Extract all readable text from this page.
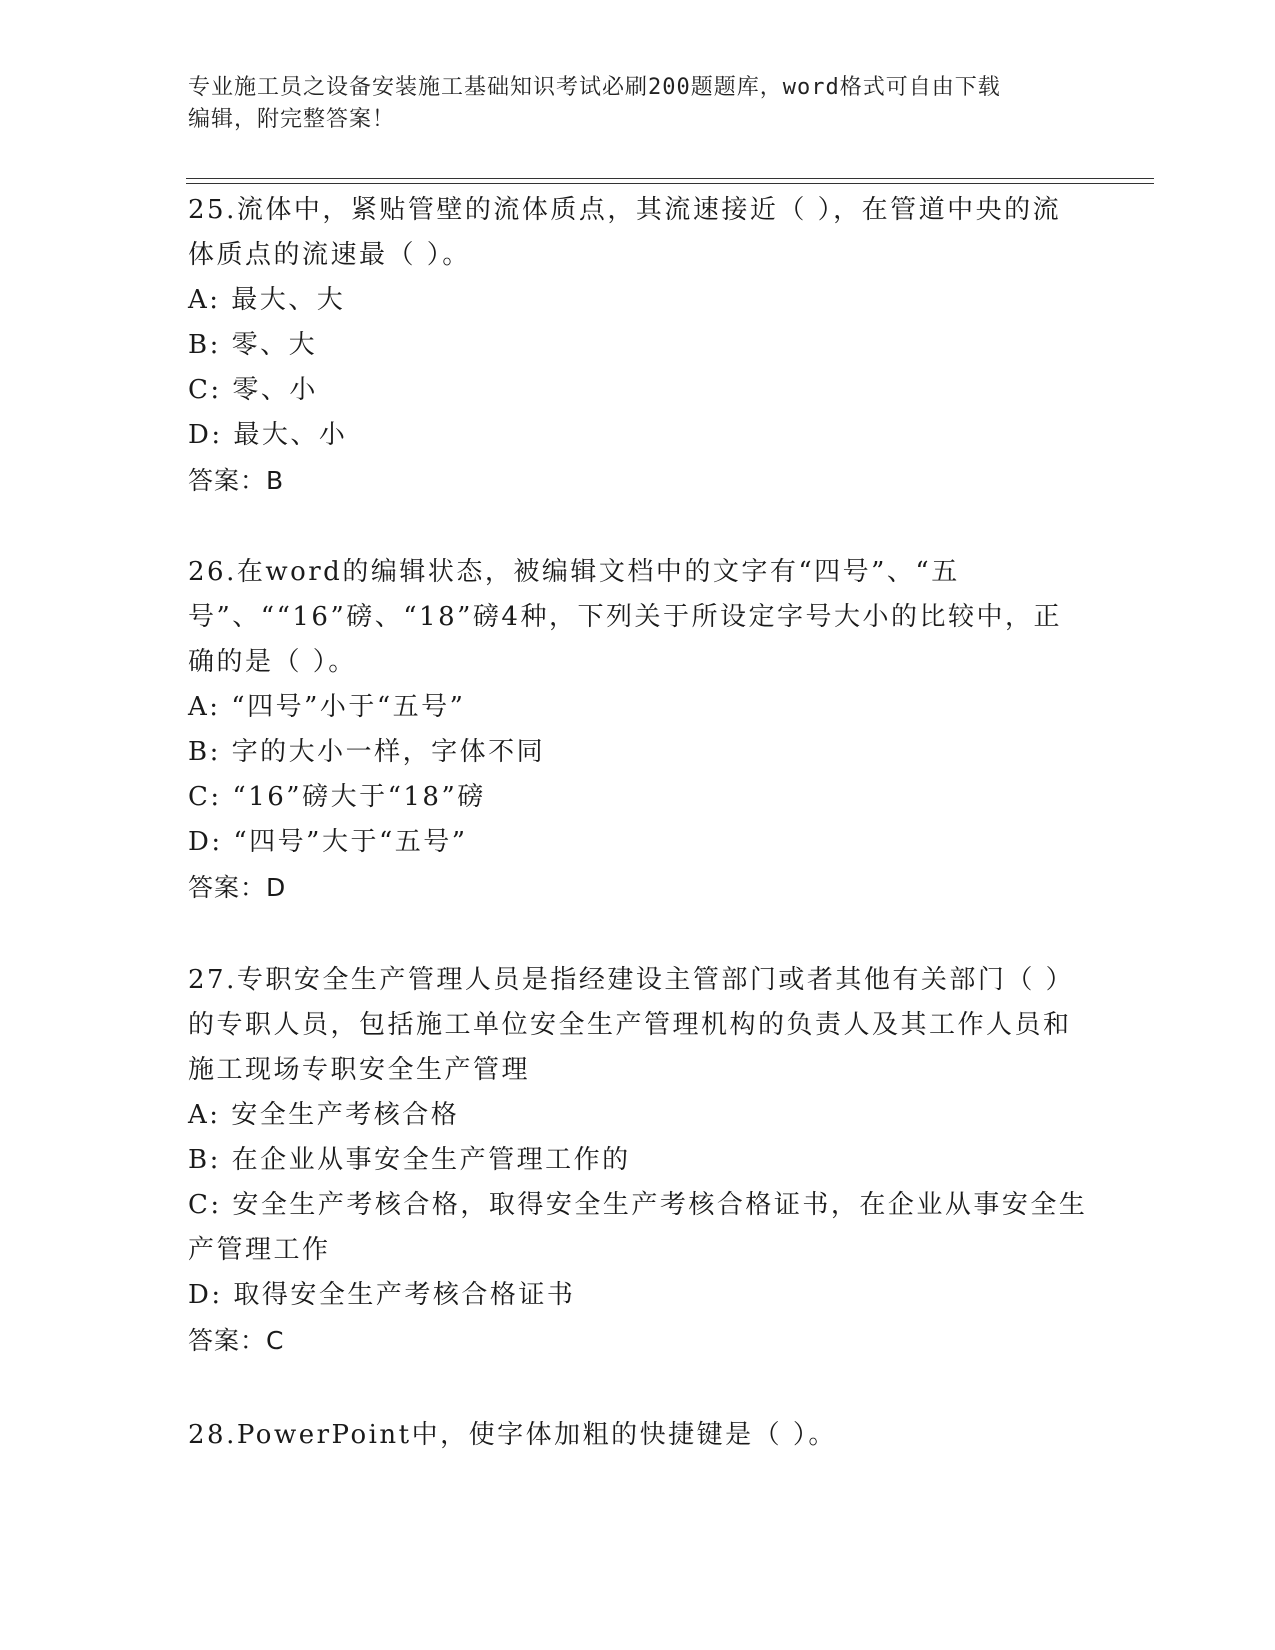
专业施工员之设备安装施工基础知识考试必刷200题题库，word格式可自由下载
编辑，附完整答案！

25.流体中，紧贴管壁的流体质点，其流速接近（ ），在管道中央的流体质点的流速最（ ）。

A: 最大、大

B: 零、大

C: 零、小

D: 最大、小

答案：B

26.在word的编辑状态，被编辑文档中的文字有“四号”、“五号”、““16”磅、“18”磅4种，下列关于所设定字号大小的比较中，正确的是（ ）。

A: “四号”小于“五号”

B: 字的大小一样，字体不同

C: “16”磅大于“18”磅

D: “四号”大于“五号”

答案：D

27.专职安全生产管理人员是指经建设主管部门或者其他有关部门（ ）的专职人员，包括施工单位安全生产管理机构的负责人及其工作人员和施工现场专职安全生产管理

A: 安全生产考核合格

B: 在企业从事安全生产管理工作的

C: 安全生产考核合格，取得安全生产考核合格证书，在企业从事安全生产管理工作

D: 取得安全生产考核合格证书

答案：C

28.PowerPoint中，使字体加粗的快捷键是（ ）。
